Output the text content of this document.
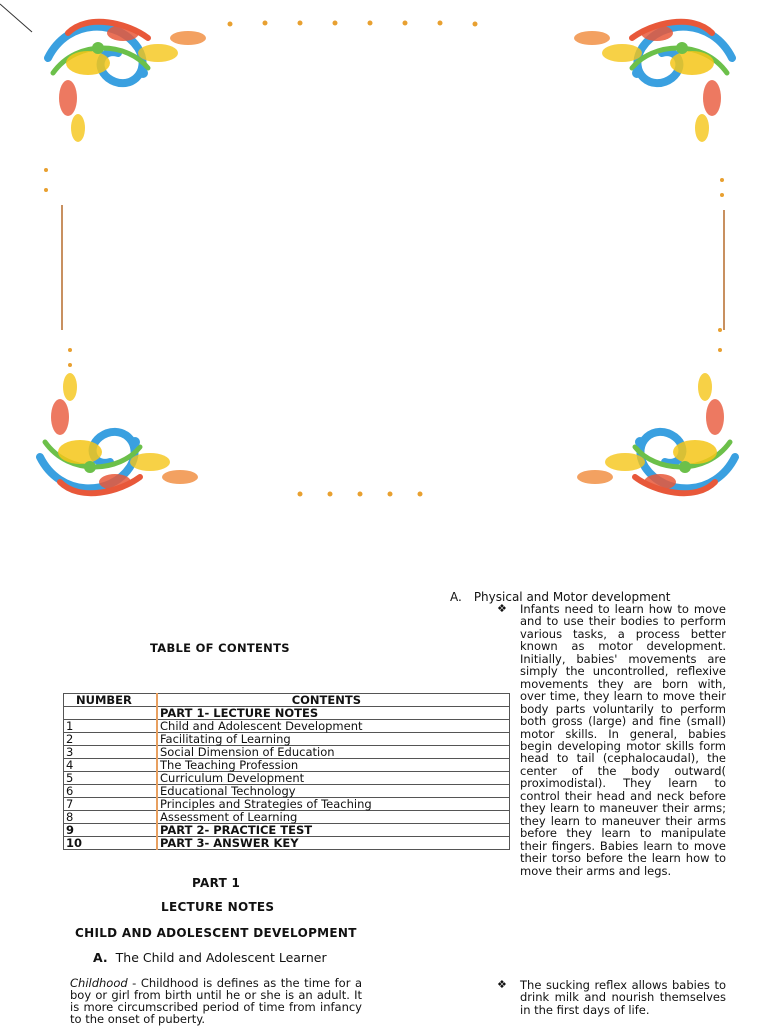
TABLE OF CONTENTS
NUMBER	CONTENTS
	PART 1- LECTURE NOTES
1	Child and Adolescent Development
2	Facilitating of Learning
3	Social Dimension of Education
4	The Teaching Profession
5	Curriculum Development
6	Educational Technology
7	Principles and Strategies of Teaching
8	Assessment of Learning
9	PART 2- PRACTICE TEST
10	PART 3- ANSWER KEY
PART 1
LECTURE NOTES
CHILD AND ADOLESCENT DEVELOPMENT
A. The Child and Adolescent Learner
Childhood - Childhood is defines as the time for a boy or girl from birth until he or she is an adult. It is more circumscribed period of time from infancy to the onset of puberty.
A. Physical and Motor development
❖	Infants need to learn how to move and to use their bodies to perform various tasks, a process better known as motor development. Initially, babies' movements are simply the uncontrolled, reflexive movements they are born with, over time, they learn to move their body parts voluntarily to perform both gross (large) and fine (small) motor skills. In general, babies begin developing motor skills form head to tail (cephalocaudal), the center of the body outward( proximodistal). They learn to control their head and neck before they learn to maneuver their arms; they learn to maneuver their arms before they learn to manipulate their fingers. Babies learn to move their torso before the learn how to move their arms and legs.
❖	The sucking reflex allows babies to drink milk and nourish themselves in the first days of life.
